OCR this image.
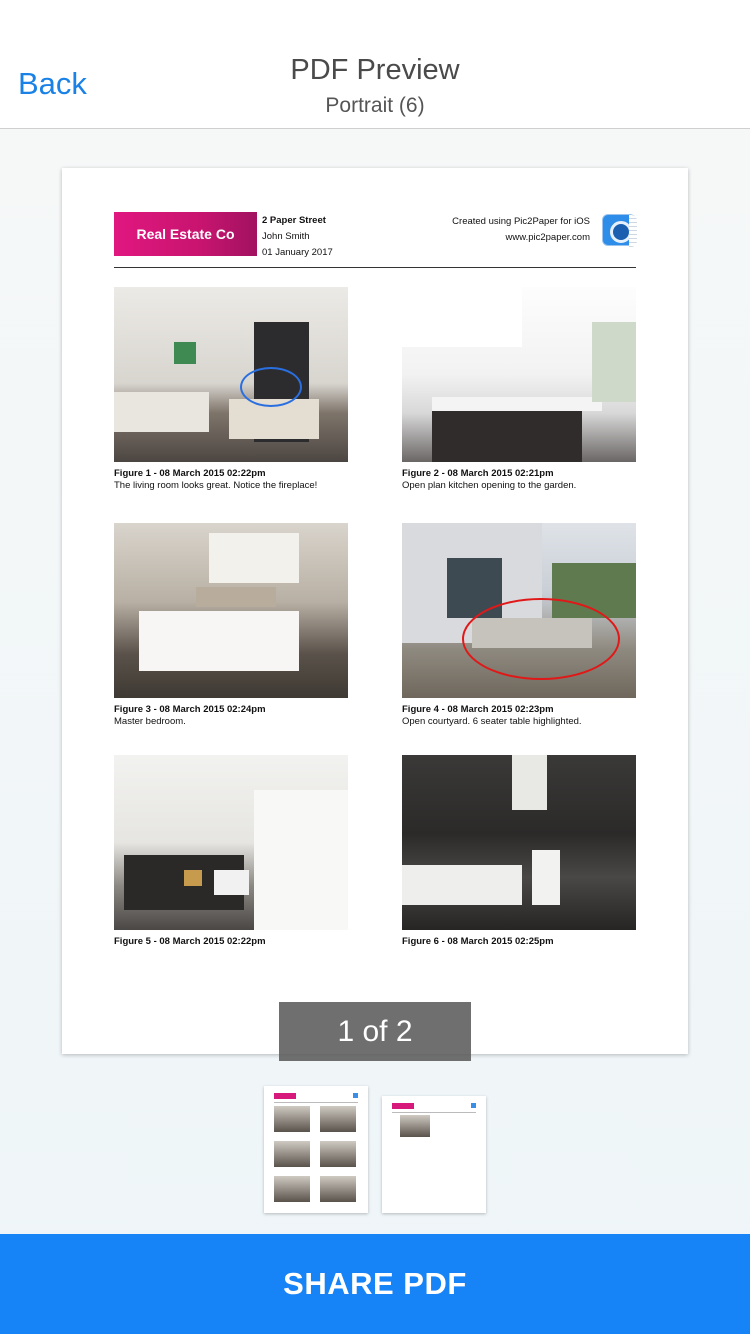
Back	PDF Preview
Portrait (6)
Real Estate Co
2 Paper Street
John Smith
01 January 2017
Created using Pic2Paper for iOS
www.pic2paper.com
Figure 1 - 08 March 2015 02:22pm
The living room looks great. Notice the fireplace!
Figure 2 - 08 March 2015 02:21pm
Open plan kitchen opening to the garden.
Figure 3 - 08 March 2015 02:24pm
Master bedroom.
Figure 4 - 08 March 2015 02:23pm
Open courtyard. 6 seater table highlighted.
Figure 5 - 08 March 2015 02:22pm	Figure 6 - 08 March 2015 02:25pm
1 of 2
SHARE PDF
